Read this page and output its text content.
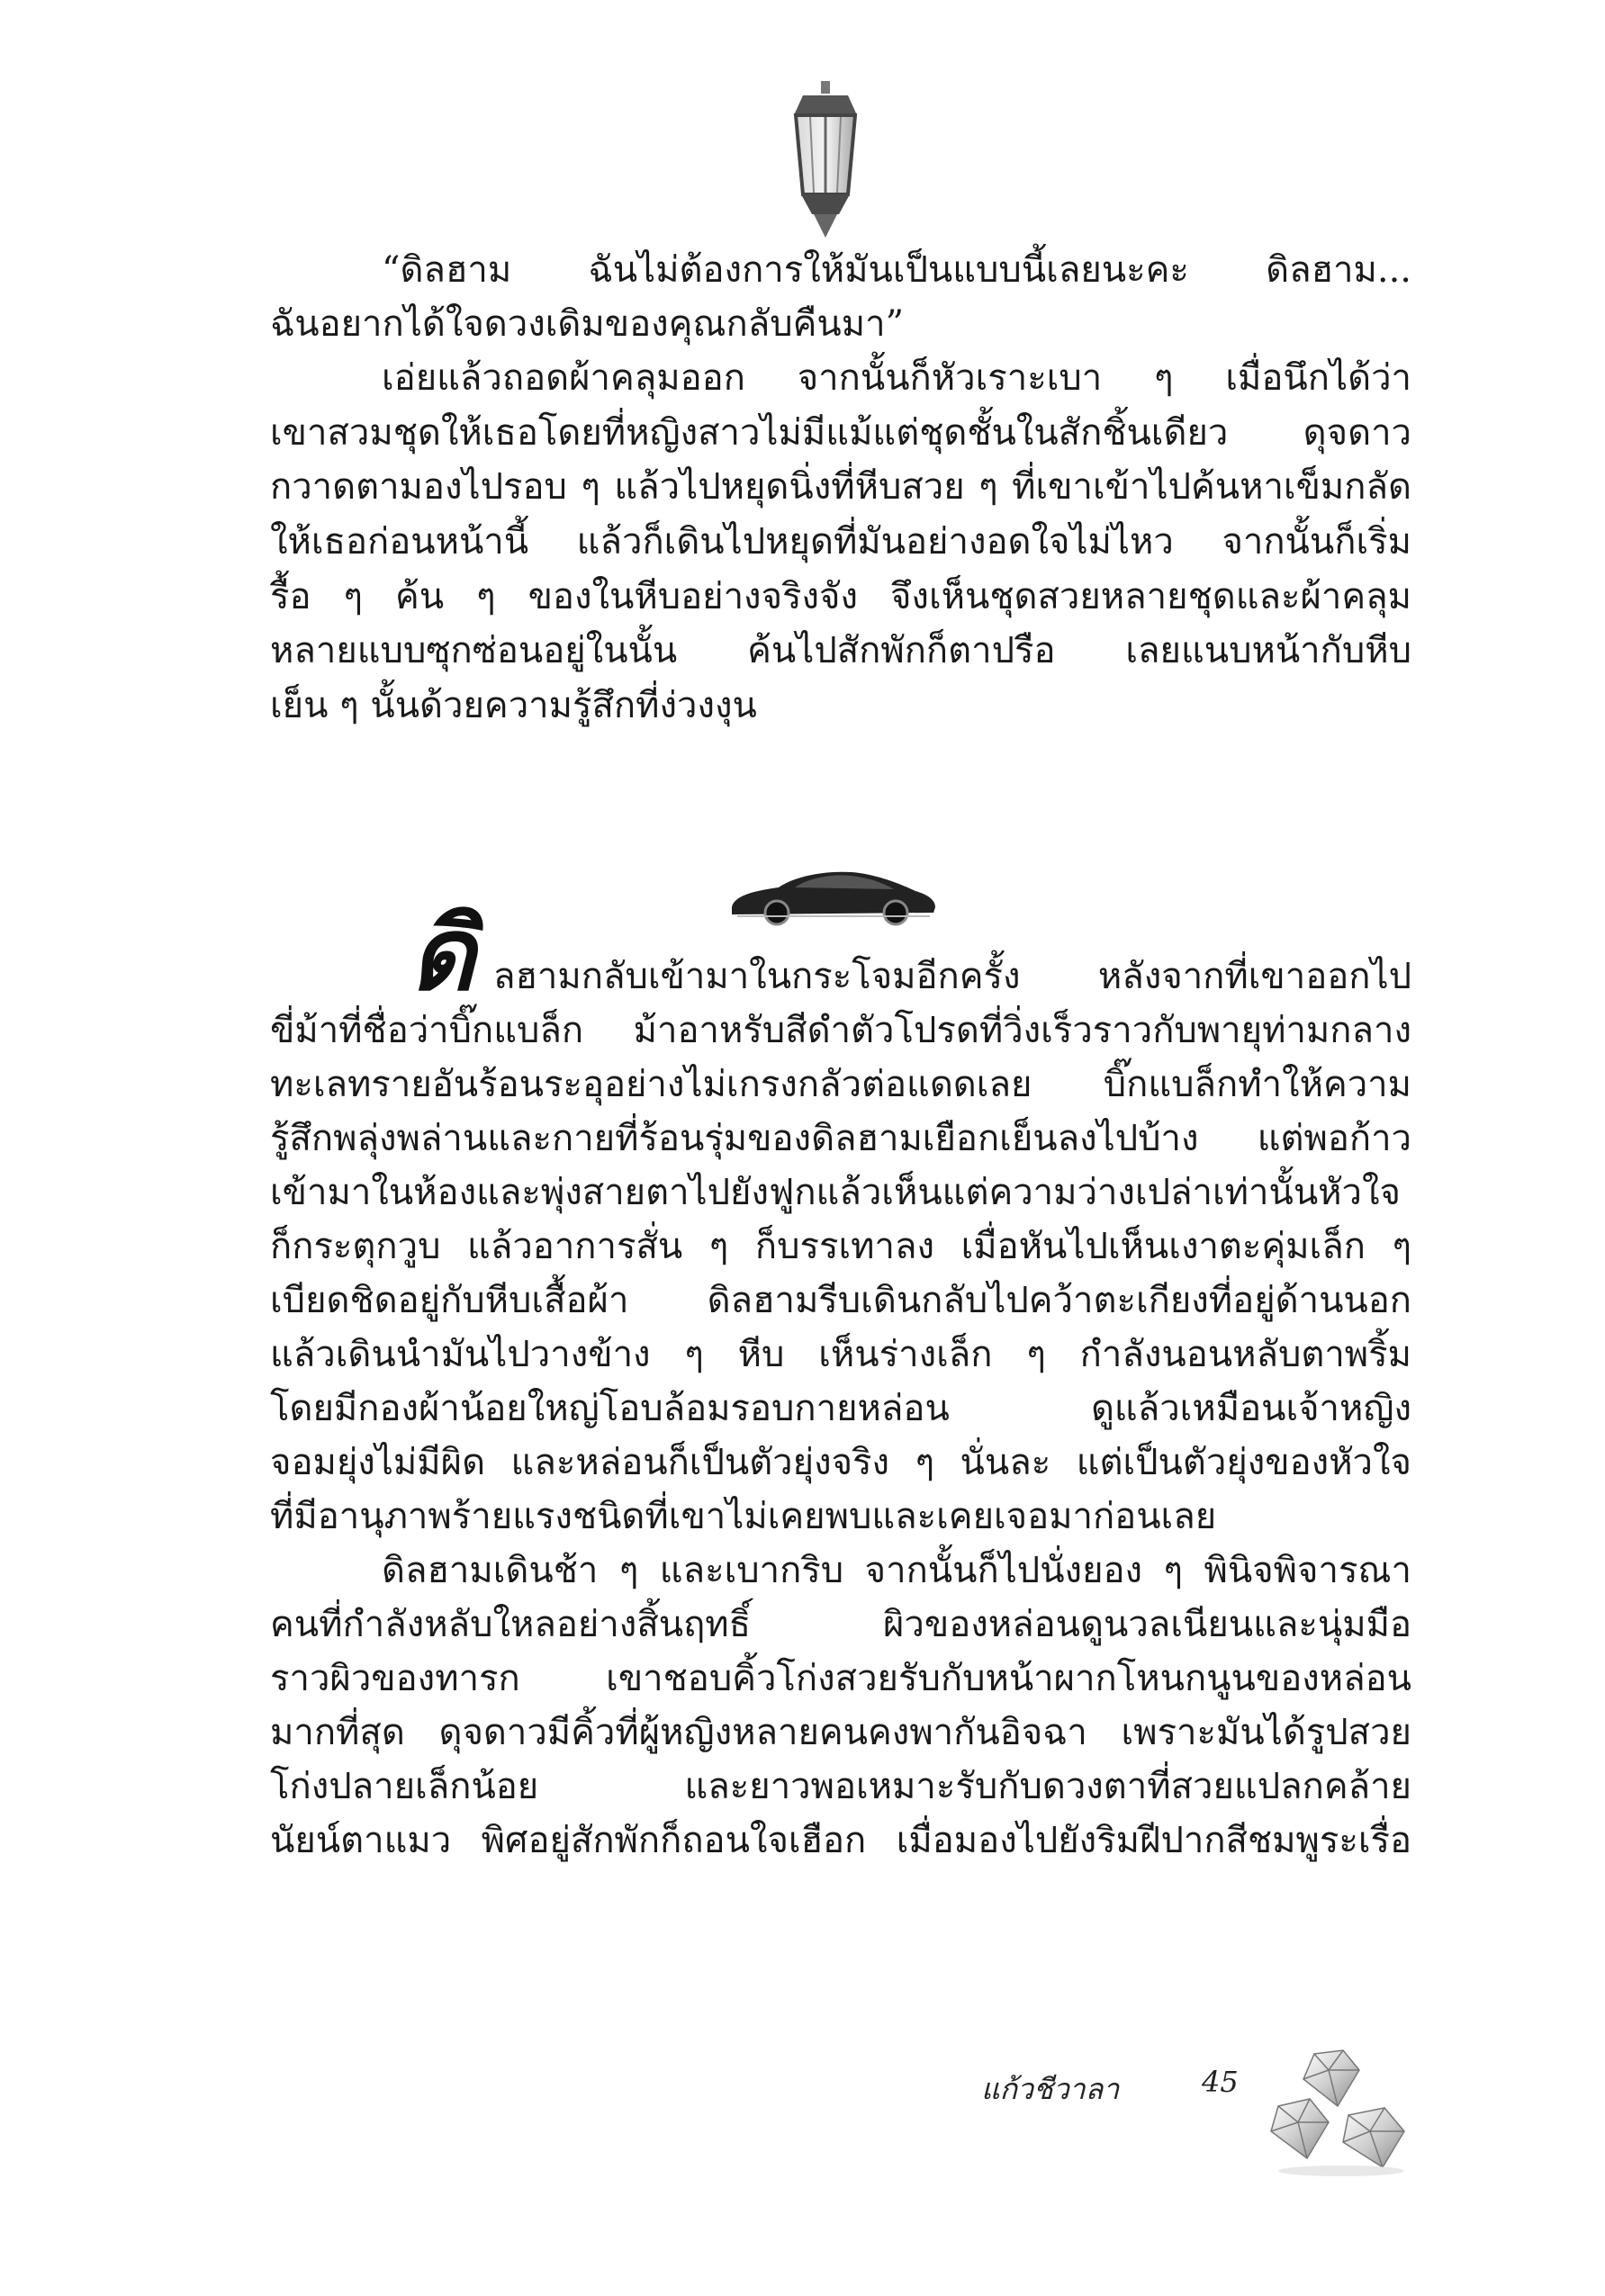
“ดิลฮาม ฉันไม่ต้องการให้มันเป็นแบบนี้เลยนะคะ ดิลฮาม...
ฉันอยากได้ใจดวงเดิมของคุณกลับคืนมา”
เอ่ยแล้วถอดผ้าคลุมออก จากนั้นก็หัวเราะเบา ๆ เมื่อนึกได้ว่า
เขาสวมชุดให้เธอโดยที่หญิงสาวไม่มีแม้แต่ชุดชั้นในสักชิ้นเดียว ดุจดาว
กวาดตามองไปรอบ ๆ แล้วไปหยุดนิ่งที่หีบสวย ๆ ที่เขาเข้าไปค้นหาเข็มกลัด
ให้เธอก่อนหน้านี้ แล้วก็เดินไปหยุดที่มันอย่างอดใจไม่ไหว จากนั้นก็เริ่ม
รื้อ ๆ ค้น ๆ ของในหีบอย่างจริงจัง จึงเห็นชุดสวยหลายชุดและผ้าคลุม
หลายแบบซุกซ่อนอยู่ในนั้น ค้นไปสักพักก็ตาปรือ เลยแนบหน้ากับหีบ
เย็น ๆ นั้นด้วยความรู้สึกที่ง่วงงุน
ดิ ลฮามกลับเข้ามาในกระโจมอีกครั้ง หลังจากที่เขาออกไป
ขี่ม้าที่ชื่อว่าบิ๊กแบล็ก ม้าอาหรับสีดำตัวโปรดที่วิ่งเร็วราวกับพายุท่ามกลาง
ทะเลทรายอันร้อนระอุอย่างไม่เกรงกลัวต่อแดดเลย บิ๊กแบล็กทำให้ความ
รู้สึกพลุ่งพล่านและกายที่ร้อนรุ่มของดิลฮามเยือกเย็นลงไปบ้าง แต่พอก้าว
เข้ามาในห้องและพุ่งสายตาไปยังฟูกแล้วเห็นแต่ความว่างเปล่าเท่านั้นหัวใจ
ก็กระตุกวูบ แล้วอาการสั่น ๆ ก็บรรเทาลง เมื่อหันไปเห็นเงาตะคุ่มเล็ก ๆ
เบียดชิดอยู่กับหีบเสื้อผ้า ดิลฮามรีบเดินกลับไปคว้าตะเกียงที่อยู่ด้านนอก
แล้วเดินนำมันไปวางข้าง ๆ หีบ เห็นร่างเล็ก ๆ กำลังนอนหลับตาพริ้ม
โดยมีกองผ้าน้อยใหญ่โอบล้อมรอบกายหล่อน ดูแล้วเหมือนเจ้าหญิง
จอมยุ่งไม่มีผิด และหล่อนก็เป็นตัวยุ่งจริง ๆ นั่นละ แต่เป็นตัวยุ่งของหัวใจ
ที่มีอานุภาพร้ายแรงชนิดที่เขาไม่เคยพบและเคยเจอมาก่อนเลย
ดิลฮามเดินช้า ๆ และเบากริบ จากนั้นก็ไปนั่งยอง ๆ พินิจพิจารณา
คนที่กำลังหลับใหลอย่างสิ้นฤทธิ์ ผิวของหล่อนดูนวลเนียนและนุ่มมือ
ราวผิวของทารก เขาชอบคิ้วโก่งสวยรับกับหน้าผากโหนกนูนของหล่อน
มากที่สุด ดุจดาวมีคิ้วที่ผู้หญิงหลายคนคงพากันอิจฉา เพราะมันได้รูปสวย
โก่งปลายเล็กน้อย และยาวพอเหมาะรับกับดวงตาที่สวยแปลกคล้าย
นัยน์ตาแมว พิศอยู่สักพักก็ถอนใจเฮือก เมื่อมองไปยังริมฝีปากสีชมพูระเรื่อ
แก้วชีวาลา	45
